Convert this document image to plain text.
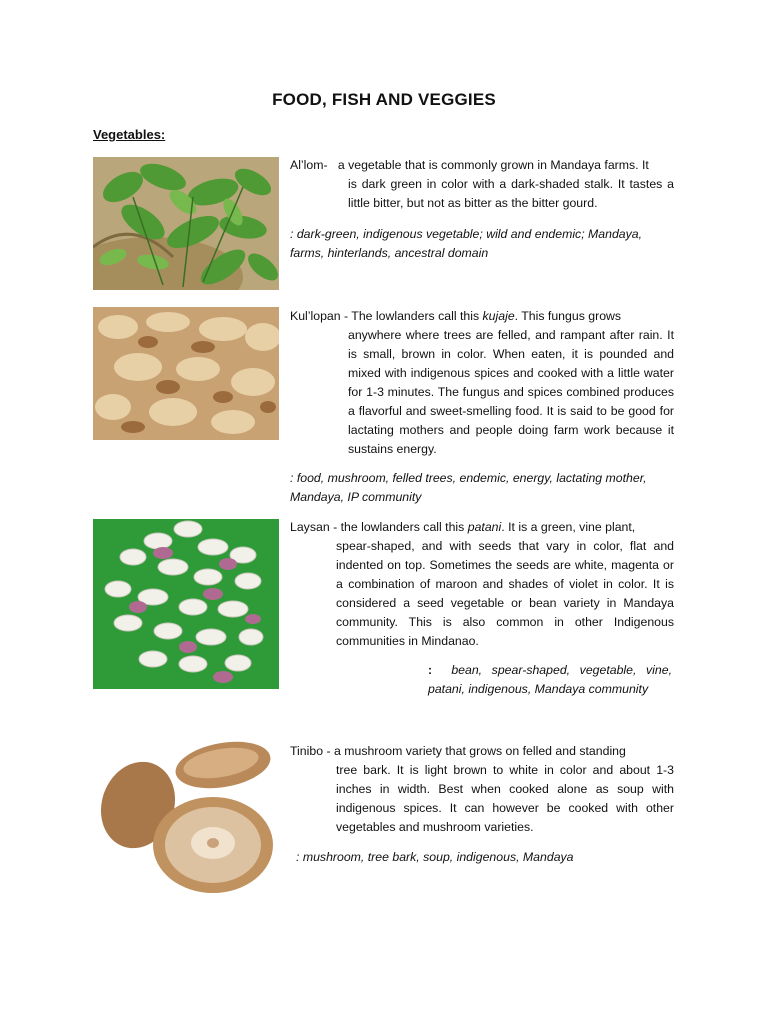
FOOD, FISH AND VEGGIES
Vegetables:

Al’lom- a vegetable that is commonly grown in Mandaya farms. It

is dark green in color with a dark-shaded stalk. It tastes a little bitter, but not as bitter as the bitter gourd.

: dark-green, indigenous vegetable; wild and endemic; Mandaya, farms, hinterlands, ancestral domain

Kul’lopan - The lowlanders call this kujaje. This fungus grows

anywhere where trees are felled, and rampant after rain. It is small, brown in color. When eaten, it is pounded and mixed with indigenous spices and cooked with a little water for 1-3 minutes. The fungus and spices combined produces a flavorful and sweet-smelling food. It is said to be good for lactating mothers and people doing farm work because it sustains energy.

: food, mushroom, felled trees, endemic, energy, lactating mother, Mandaya, IP community

Laysan - the lowlanders call this patani. It is a green, vine plant,

spear-shaped, and with seeds that vary in color, flat and indented on top. Sometimes the seeds are white, magenta or a combination of maroon and shades of violet in color. It is considered a seed vegetable or bean variety in Mandaya community. This is also common in other Indigenous communities in Mindanao.

: bean, spear-shaped, vegetable, vine, patani, indigenous, Mandaya community

Tinibo - a mushroom variety that grows on felled and standing

tree bark. It is light brown to white in color and about 1-3 inches in width. Best when cooked alone as soup with indigenous spices. It can however be cooked with other vegetables and mushroom varieties.

: mushroom, tree bark, soup, indigenous, Mandaya
